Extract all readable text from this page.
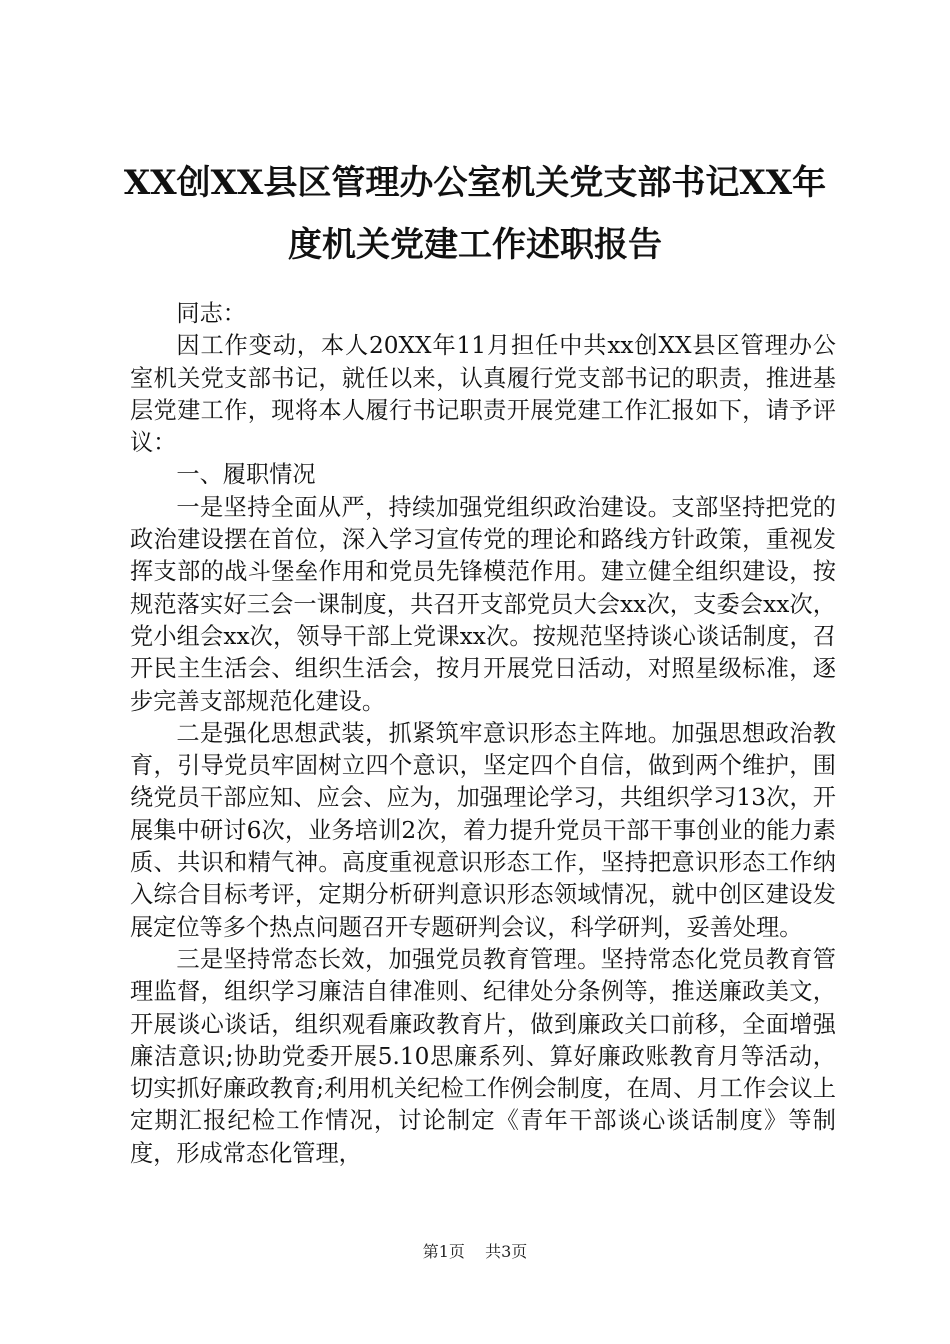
XX创XX县区管理办公室机关党支部书记XX年
度机关党建工作述职报告

同志：

因工作变动，本人20XX年11月担任中共xx创XX县区管理办公室机关党支部书记，就任以来，认真履行党支部书记的职责，推进基层党建工作，现将本人履行书记职责开展党建工作汇报如下，请予评议：

一、履职情况

一是坚持全面从严，持续加强党组织政治建设。支部坚持把党的政治建设摆在首位，深入学习宣传党的理论和路线方针政策，重视发挥支部的战斗堡垒作用和党员先锋模范作用。建立健全组织建设，按规范落实好三会一课制度，共召开支部党员大会xx次，支委会xx次，党小组会xx次，领导干部上党课xx次。按规范坚持谈心谈话制度，召开民主生活会、组织生活会，按月开展党日活动，对照星级标准，逐步完善支部规范化建设。

二是强化思想武装，抓紧筑牢意识形态主阵地。加强思想政治教育，引导党员牢固树立四个意识，坚定四个自信，做到两个维护，围绕党员干部应知、应会、应为，加强理论学习，共组织学习13次，开展集中研讨6次，业务培训2次，着力提升党员干部干事创业的能力素质、共识和精气神。高度重视意识形态工作，坚持把意识形态工作纳入综合目标考评，定期分析研判意识形态领域情况，就中创区建设发展定位等多个热点问题召开专题研判会议，科学研判，妥善处理。

三是坚持常态长效，加强党员教育管理。坚持常态化党员教育管理监督，组织学习廉洁自律准则、纪律处分条例等，推送廉政美文，开展谈心谈话，组织观看廉政教育片，做到廉政关口前移，全面增强廉洁意识;协助党委开展5.10思廉系列、算好廉政账教育月等活动，切实抓好廉政教育;利用机关纪检工作例会制度，在周、月工作会议上定期汇报纪检工作情况，讨论制定《青年干部谈心谈话制度》等制度，形成常态化管理，

第1页 共3页
